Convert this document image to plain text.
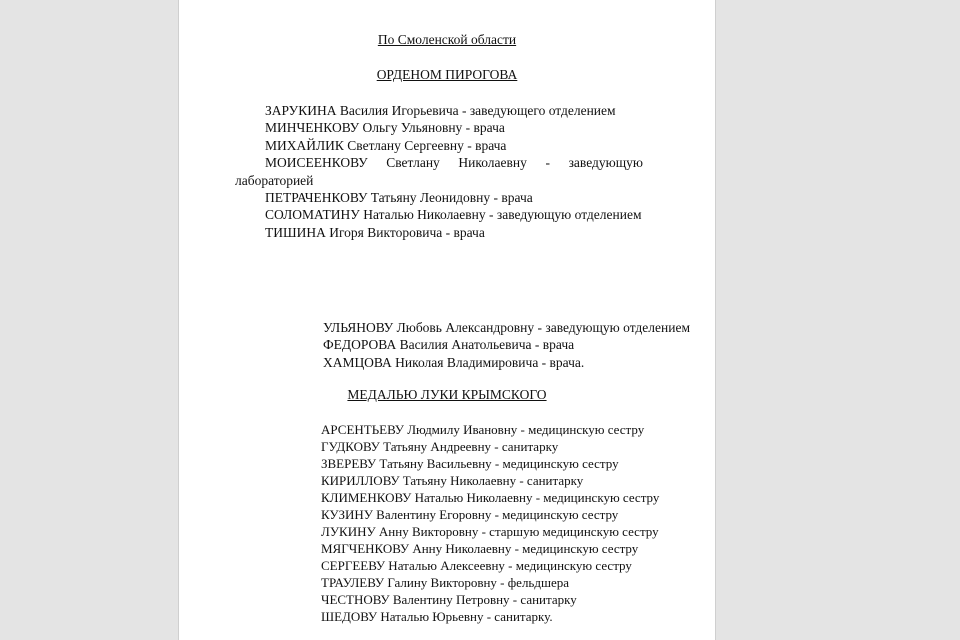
По Смоленской области
ОРДЕНОМ ПИРОГОВА
ЗАРУКИНА Василия Игорьевича - заведующего отделением
МИНЧЕНКОВУ Ольгу Ульяновну - врача
МИХАЙЛИК Светлану Сергеевну - врача
МОИСЕЕНКОВУ Светлану Николаевну - заведующую
лабораторией
ПЕТРАЧЕНКОВУ Татьяну Леонидовну - врача
СОЛОМАТИНУ Наталью Николаевну - заведующую отделением
ТИШИНА Игоря Викторовича - врача
УЛЬЯНОВУ Любовь Александровну - заведующую отделением
ФЕДОРОВА Василия Анатольевича - врача
ХАМЦОВА Николая Владимировича - врача.
МЕДАЛЬЮ ЛУКИ КРЫМСКОГО
АРСЕНТЬЕВУ Людмилу Ивановну - медицинскую сестру
ГУДКОВУ Татьяну Андреевну - санитарку
ЗВЕРЕВУ Татьяну Васильевну - медицинскую сестру
КИРИЛЛОВУ Татьяну Николаевну - санитарку
КЛИМЕНКОВУ Наталью Николаевну - медицинскую сестру
КУЗИНУ Валентину Егоровну - медицинскую сестру
ЛУКИНУ Анну Викторовну - старшую медицинскую сестру
МЯГЧЕНКОВУ Анну Николаевну - медицинскую сестру
СЕРГЕЕВУ Наталью Алексеевну - медицинскую сестру
ТРАУЛЕВУ Галину Викторовну - фельдшера
ЧЕСТНОВУ Валентину Петровну - санитарку
ШЕДОВУ Наталью Юрьевну - санитарку.
